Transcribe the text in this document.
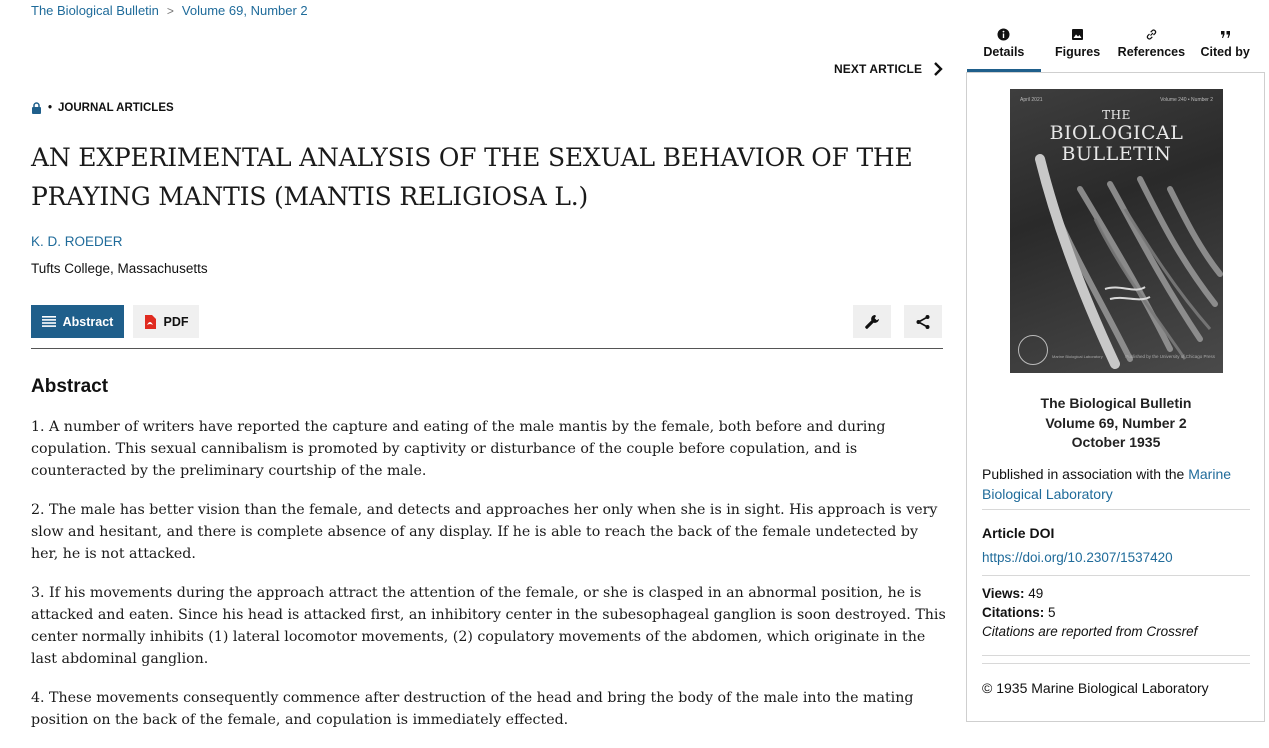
The Biological Bulletin > Volume 69, Number 2
NEXT ARTICLE
• JOURNAL ARTICLES
AN EXPERIMENTAL ANALYSIS OF THE SEXUAL BEHAVIOR OF THE PRAYING MANTIS (MANTIS RELIGIOSA L.)
K. D. ROEDER
Tufts College, Massachusetts
Abstract	PDF
Abstract

1. A number of writers have reported the capture and eating of the male mantis by the female, both before and during copulation. This sexual cannibalism is promoted by captivity or disturbance of the couple before copulation, and is counteracted by the preliminary courtship of the male.

2. The male has better vision than the female, and detects and approaches her only when she is in sight. His approach is very slow and hesitant, and there is complete absence of any display. If he is able to reach the back of the female undetected by her, he is not attacked.

3. If his movements during the approach attract the attention of the female, or she is clasped in an abnormal position, he is attacked and eaten. Since his head is attacked first, an inhibitory center in the subesophageal ganglion is soon destroyed. This center normally inhibits (1) lateral locomotor movements, (2) copulatory movements of the abdomen, which originate in the last abdominal ganglion.

4. These movements consequently commence after destruction of the head and bring the body of the male into the mating position on the back of the female, and copulation is immediately effected.

Details Figures References Cited by
April 2021	Volume 240 • Number 2
THE
BIOLOGICAL BULLETIN
Marine Biological Laboratory	Published by the University of Chicago Press
The Biological Bulletin
Volume 69, Number 2
October 1935
Published in association with the Marine Biological Laboratory
Article DOI
https://doi.org/10.2307/1537420
Views: 49
Citations: 5
Citations are reported from Crossref
© 1935 Marine Biological Laboratory
